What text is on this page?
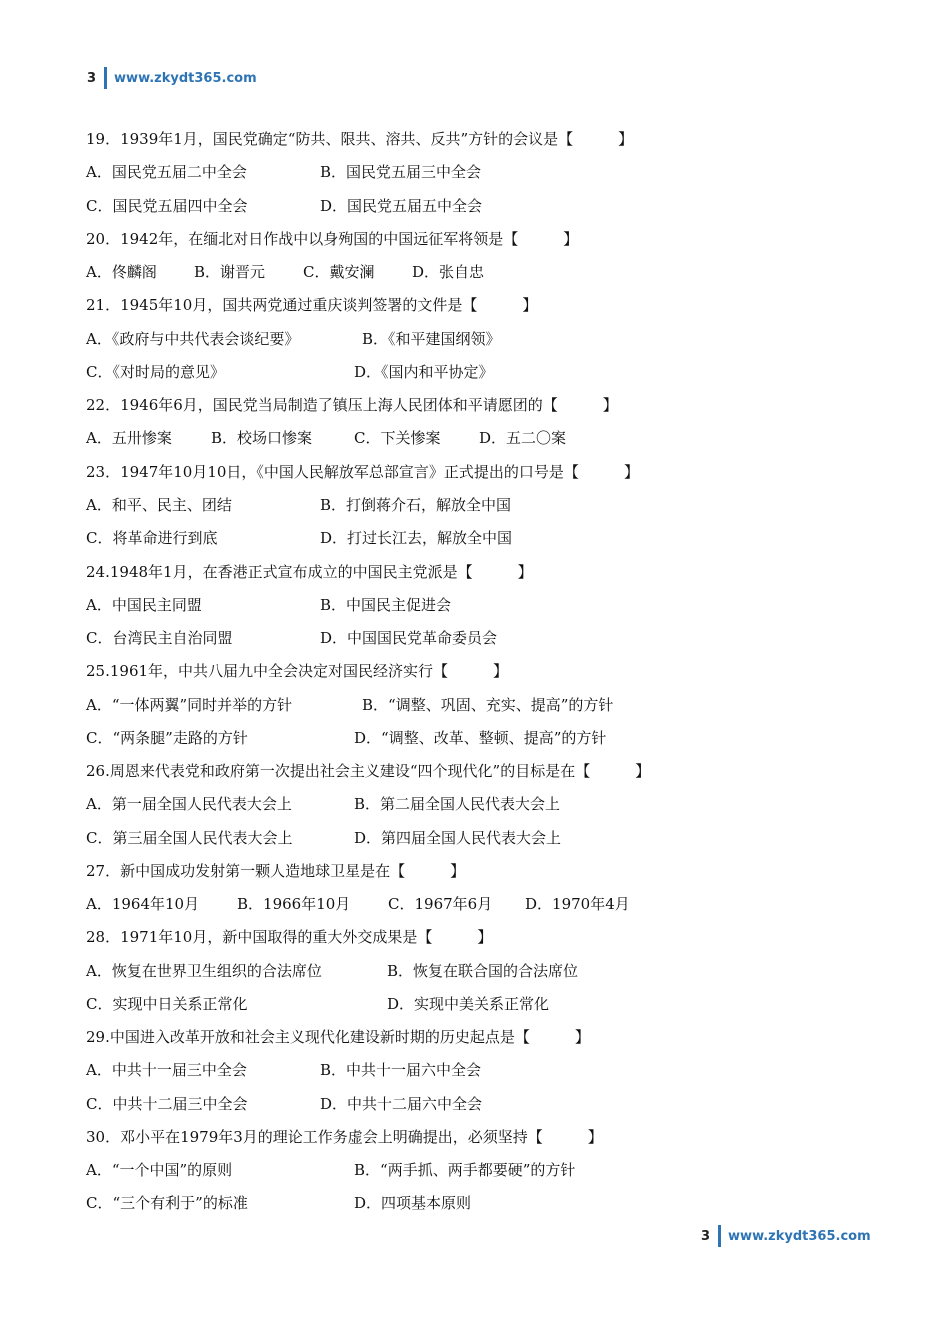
3 www.zkydt365.com
19．1939年1月，国民党确定“防共、限共、溶共、反共”方针的会议是【　　　】

A．国民党五届二中全会

	B．国民党五届三中全会

C．国民党五届四中全会

	D．国民党五届五中全会

20．1942年，在缅北对日作战中以身殉国的中国远征军将领是【　　　】

A．佟麟阁

B．谢晋元

	C．戴安澜

	D．张自忠

21．1945年10月，国共两党通过重庆谈判签署的文件是【　　　】

A．《政府与中共代表会谈纪要》

	B．《和平建国纲领》

C．《对时局的意见》

	D．《国内和平协定》

22．1946年6月，国民党当局制造了镇压上海人民团体和平请愿团的【　　　】

A．五卅惨案

	B．校场口惨案

	C．下关惨案

	D．五二〇案

23．1947年10月10日，《中国人民解放军总部宣言》正式提出的口号是【　　　】

A．和平、民主、团结

	B．打倒蒋介石，解放全中国

C．将革命进行到底

	D．打过长江去，解放全中国

24.1948年1月，在香港正式宣布成立的中国民主党派是【　　　】

A．中国民主同盟

	B．中国民主促进会

C．台湾民主自治同盟

	D．中国国民党革命委员会

25.1961年，中共八届九中全会决定对国民经济实行【　　　】

A．“一体两翼”同时并举的方针

	B．“调整、巩固、充实、提高”的方针

C．“两条腿”走路的方针

	D．“调整、改革、整顿、提高”的方针

26.周恩来代表党和政府第一次提出社会主义建设“四个现代化”的目标是在【　　　】

A．第一届全国人民代表大会上

	B．第二届全国人民代表大会上

C．第三届全国人民代表大会上

	D．第四届全国人民代表大会上

27．新中国成功发射第一颗人造地球卫星是在【　　　】

A．1964年10月

	B．1966年10月

	C．1967年6月

D．1970年4月

28．1971年10月，新中国取得的重大外交成果是【　　　】

A．恢复在世界卫生组织的合法席位

	B．恢复在联合国的合法席位

C．实现中日关系正常化

	D．实现中美关系正常化

29.中国进入改革开放和社会主义现代化建设新时期的历史起点是【　　　】

A．中共十一届三中全会

	B．中共十一届六中全会

C．中共十二届三中全会

	D．中共十二届六中全会

30．邓小平在1979年3月的理论工作务虚会上明确提出，必须坚持【　　　】

A．“一个中国”的原则

	B．“两手抓、两手都要硬”的方针

C．“三个有利于”的标准

	D．四项基本原则

3 www.zkydt365.com
